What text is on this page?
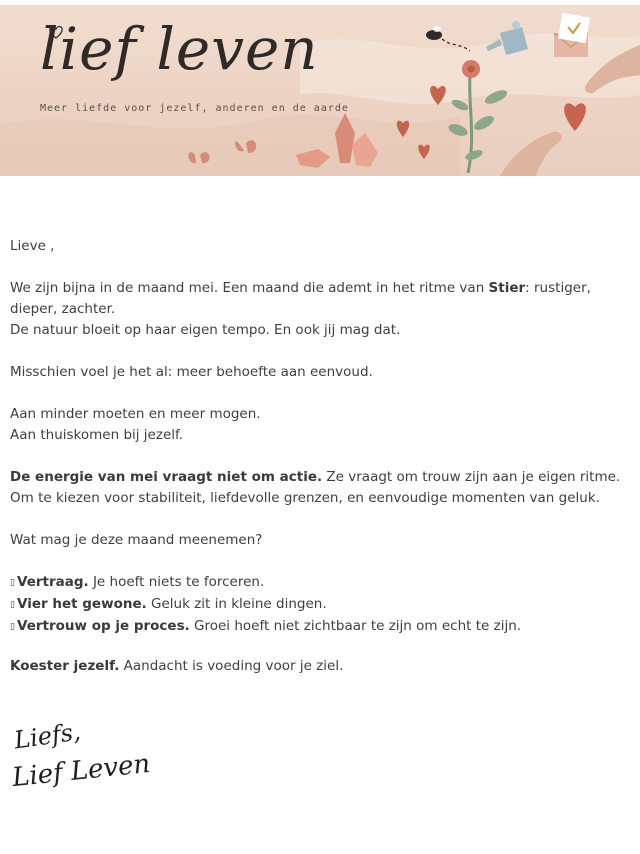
lief leven
Meer liefde voor jezelf, anderen en de aarde

Lieve ,

We zijn bijna in de maand mei. Een maand die ademt in het ritme van Stier: rustiger, dieper, zachter.

De natuur bloeit op haar eigen tempo. En ook jij mag dat.

Misschien voel je het al: meer behoefte aan eenvoud.

Aan minder moeten en meer mogen.

Aan thuiskomen bij jezelf.

De energie van mei vraagt niet om actie. Ze vraagt om trouw zijn aan je eigen ritme. Om te kiezen voor stabiliteit, liefdevolle grenzen, en eenvoudige momenten van geluk.

Wat mag je deze maand meenemen?

▯ Vertraag. Je hoeft niets te forceren.

▯ Vier het gewone. Geluk zit in kleine dingen.

▯ Vertrouw op je proces. Groei hoeft niet zichtbaar te zijn om echt te zijn.

Koester jezelf. Aandacht is voeding voor je ziel.

Liefs,
Lief Leven
